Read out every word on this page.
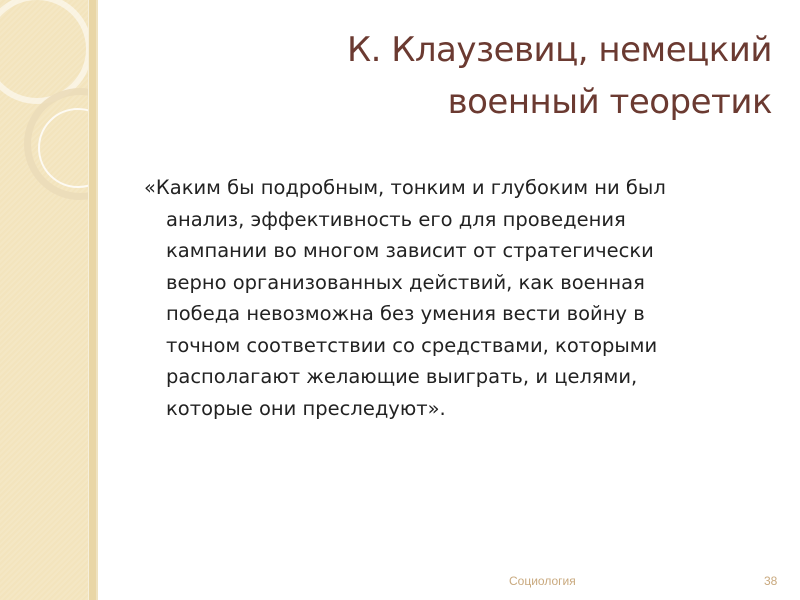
К. Клаузевиц, немецкий
военный теоретик
«Каким бы подробным, тонким и глубоким ни был
анализ, эффективность его для проведения
кампании во многом зависит от стратегически
верно организованных действий, как военная
победа невозможна без умения вести войну в
точном соответствии со средствами, которыми
располагают желающие выиграть, и целями,
которые они преследуют».
Социология	38
